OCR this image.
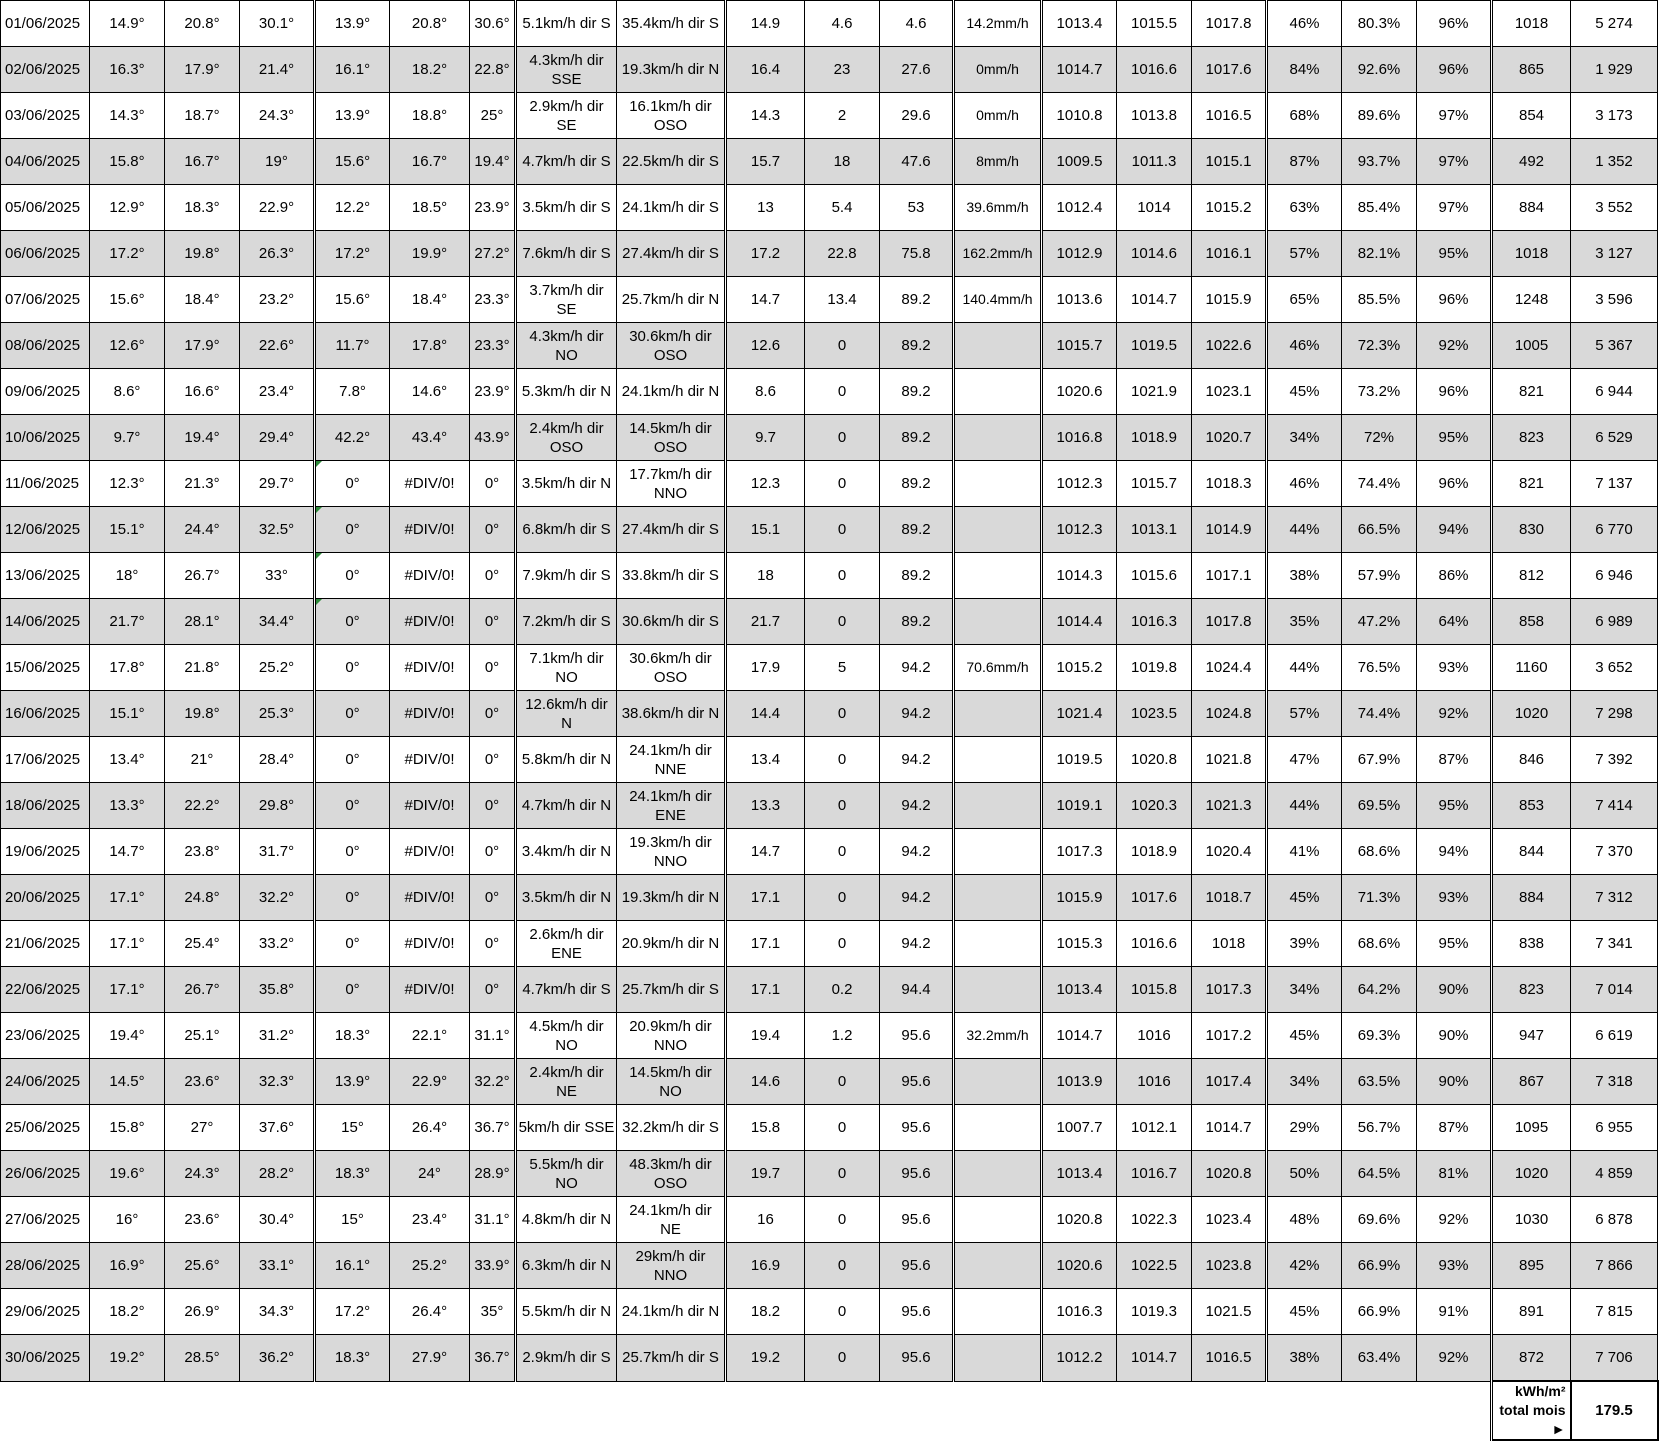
01/06/2025	14.9°	20.8°	30.1°	13.9°	20.8°	30.6°	5.1km/h dir S	35.4km/h dir S	14.9	4.6	4.6	14.2mm/h	1013.4	1015.5	1017.8	46%	80.3%	96%	1018	5 274
02/06/2025	16.3°	17.9°	21.4°	16.1°	18.2°	22.8°	4.3km/h dir SSE	19.3km/h dir N	16.4	23	27.6	0mm/h	1014.7	1016.6	1017.6	84%	92.6%	96%	865	1 929
03/06/2025	14.3°	18.7°	24.3°	13.9°	18.8°	25°	2.9km/h dir SE	16.1km/h dir OSO	14.3	2	29.6	0mm/h	1010.8	1013.8	1016.5	68%	89.6%	97%	854	3 173
04/06/2025	15.8°	16.7°	19°	15.6°	16.7°	19.4°	4.7km/h dir S	22.5km/h dir S	15.7	18	47.6	8mm/h	1009.5	1011.3	1015.1	87%	93.7%	97%	492	1 352
05/06/2025	12.9°	18.3°	22.9°	12.2°	18.5°	23.9°	3.5km/h dir S	24.1km/h dir S	13	5.4	53	39.6mm/h	1012.4	1014	1015.2	63%	85.4%	97%	884	3 552
06/06/2025	17.2°	19.8°	26.3°	17.2°	19.9°	27.2°	7.6km/h dir S	27.4km/h dir S	17.2	22.8	75.8	162.2mm/h	1012.9	1014.6	1016.1	57%	82.1%	95%	1018	3 127
07/06/2025	15.6°	18.4°	23.2°	15.6°	18.4°	23.3°	3.7km/h dir SE	25.7km/h dir N	14.7	13.4	89.2	140.4mm/h	1013.6	1014.7	1015.9	65%	85.5%	96%	1248	3 596
08/06/2025	12.6°	17.9°	22.6°	11.7°	17.8°	23.3°	4.3km/h dir NO	30.6km/h dir OSO	12.6	0	89.2		1015.7	1019.5	1022.6	46%	72.3%	92%	1005	5 367
09/06/2025	8.6°	16.6°	23.4°	7.8°	14.6°	23.9°	5.3km/h dir N	24.1km/h dir N	8.6	0	89.2		1020.6	1021.9	1023.1	45%	73.2%	96%	821	6 944
10/06/2025	9.7°	19.4°	29.4°	42.2°	43.4°	43.9°	2.4km/h dir OSO	14.5km/h dir OSO	9.7	0	89.2		1016.8	1018.9	1020.7	34%	72%	95%	823	6 529
11/06/2025	12.3°	21.3°	29.7°	0°	#DIV/0!	0°	3.5km/h dir N	17.7km/h dir NNO	12.3	0	89.2		1012.3	1015.7	1018.3	46%	74.4%	96%	821	7 137
12/06/2025	15.1°	24.4°	32.5°	0°	#DIV/0!	0°	6.8km/h dir S	27.4km/h dir S	15.1	0	89.2		1012.3	1013.1	1014.9	44%	66.5%	94%	830	6 770
13/06/2025	18°	26.7°	33°	0°	#DIV/0!	0°	7.9km/h dir S	33.8km/h dir S	18	0	89.2		1014.3	1015.6	1017.1	38%	57.9%	86%	812	6 946
14/06/2025	21.7°	28.1°	34.4°	0°	#DIV/0!	0°	7.2km/h dir S	30.6km/h dir S	21.7	0	89.2		1014.4	1016.3	1017.8	35%	47.2%	64%	858	6 989
15/06/2025	17.8°	21.8°	25.2°	0°	#DIV/0!	0°	7.1km/h dir NO	30.6km/h dir OSO	17.9	5	94.2	70.6mm/h	1015.2	1019.8	1024.4	44%	76.5%	93%	1160	3 652
16/06/2025	15.1°	19.8°	25.3°	0°	#DIV/0!	0°	12.6km/h dir N	38.6km/h dir N	14.4	0	94.2		1021.4	1023.5	1024.8	57%	74.4%	92%	1020	7 298
17/06/2025	13.4°	21°	28.4°	0°	#DIV/0!	0°	5.8km/h dir N	24.1km/h dir NNE	13.4	0	94.2		1019.5	1020.8	1021.8	47%	67.9%	87%	846	7 392
18/06/2025	13.3°	22.2°	29.8°	0°	#DIV/0!	0°	4.7km/h dir N	24.1km/h dir ENE	13.3	0	94.2		1019.1	1020.3	1021.3	44%	69.5%	95%	853	7 414
19/06/2025	14.7°	23.8°	31.7°	0°	#DIV/0!	0°	3.4km/h dir N	19.3km/h dir NNO	14.7	0	94.2		1017.3	1018.9	1020.4	41%	68.6%	94%	844	7 370
20/06/2025	17.1°	24.8°	32.2°	0°	#DIV/0!	0°	3.5km/h dir N	19.3km/h dir N	17.1	0	94.2		1015.9	1017.6	1018.7	45%	71.3%	93%	884	7 312
21/06/2025	17.1°	25.4°	33.2°	0°	#DIV/0!	0°	2.6km/h dir ENE	20.9km/h dir N	17.1	0	94.2		1015.3	1016.6	1018	39%	68.6%	95%	838	7 341
22/06/2025	17.1°	26.7°	35.8°	0°	#DIV/0!	0°	4.7km/h dir S	25.7km/h dir S	17.1	0.2	94.4		1013.4	1015.8	1017.3	34%	64.2%	90%	823	7 014
23/06/2025	19.4°	25.1°	31.2°	18.3°	22.1°	31.1°	4.5km/h dir NO	20.9km/h dir NNO	19.4	1.2	95.6	32.2mm/h	1014.7	1016	1017.2	45%	69.3%	90%	947	6 619
24/06/2025	14.5°	23.6°	32.3°	13.9°	22.9°	32.2°	2.4km/h dir NE	14.5km/h dir NO	14.6	0	95.6		1013.9	1016	1017.4	34%	63.5%	90%	867	7 318
25/06/2025	15.8°	27°	37.6°	15°	26.4°	36.7°	5km/h dir SSE	32.2km/h dir S	15.8	0	95.6		1007.7	1012.1	1014.7	29%	56.7%	87%	1095	6 955
26/06/2025	19.6°	24.3°	28.2°	18.3°	24°	28.9°	5.5km/h dir NO	48.3km/h dir OSO	19.7	0	95.6		1013.4	1016.7	1020.8	50%	64.5%	81%	1020	4 859
27/06/2025	16°	23.6°	30.4°	15°	23.4°	31.1°	4.8km/h dir N	24.1km/h dir NE	16	0	95.6		1020.8	1022.3	1023.4	48%	69.6%	92%	1030	6 878
28/06/2025	16.9°	25.6°	33.1°	16.1°	25.2°	33.9°	6.3km/h dir N	29km/h dir NNO	16.9	0	95.6		1020.6	1022.5	1023.8	42%	66.9%	93%	895	7 866
29/06/2025	18.2°	26.9°	34.3°	17.2°	26.4°	35°	5.5km/h dir N	24.1km/h dir N	18.2	0	95.6		1016.3	1019.3	1021.5	45%	66.9%	91%	891	7 815
30/06/2025	19.2°	28.5°	36.2°	18.3°	27.9°	36.7°	2.9km/h dir S	25.7km/h dir S	19.2	0	95.6		1012.2	1014.7	1016.5	38%	63.4%	92%	872	7 706
																			kWh/m² total mois ►	179.5
